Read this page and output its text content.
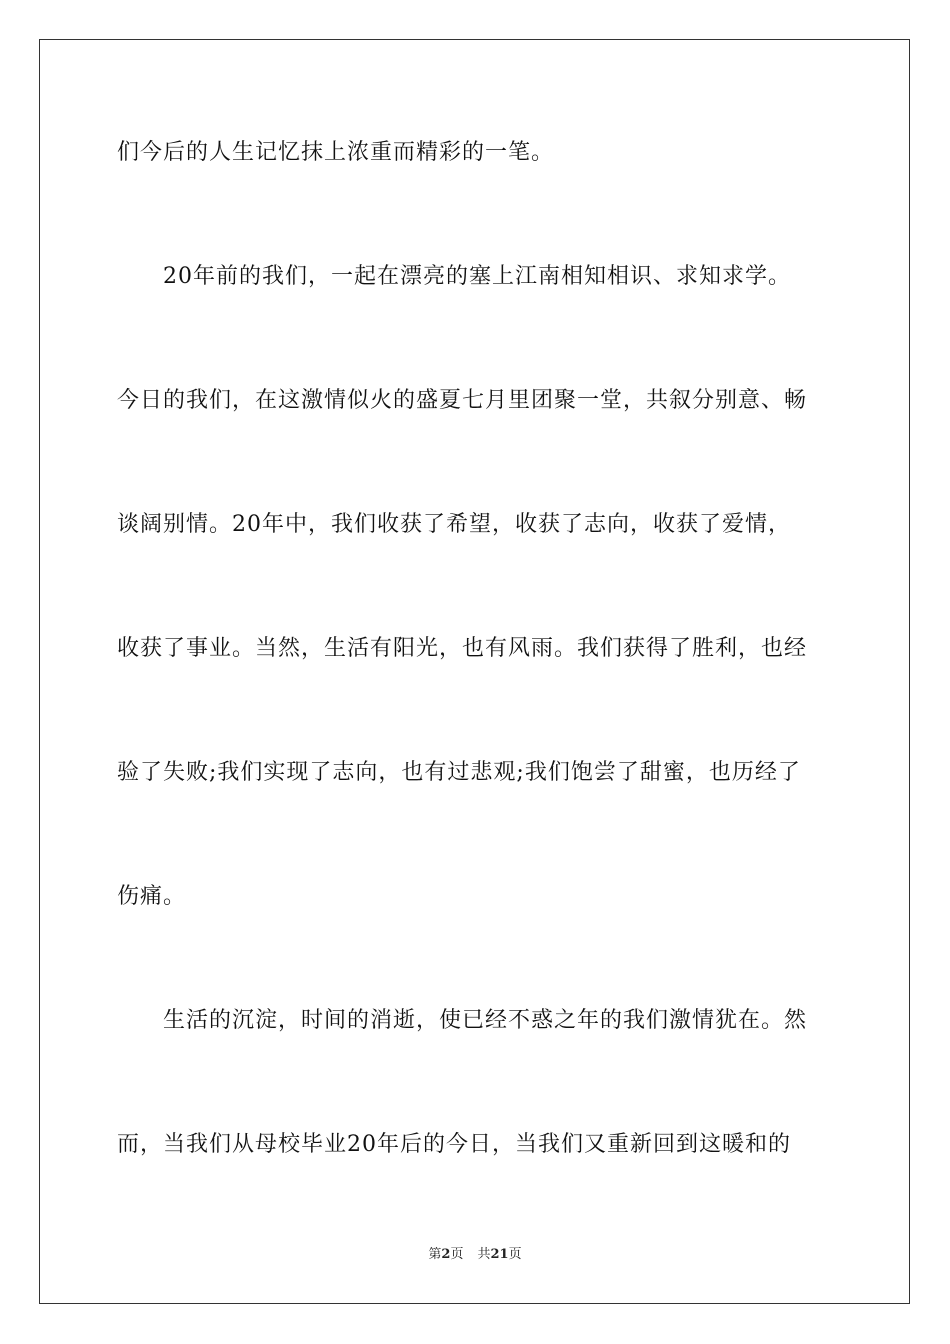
们今后的人生记忆抹上浓重而精彩的一笔。
　　20年前的我们，一起在漂亮的塞上江南相知相识、求知求学。
今日的我们，在这激情似火的盛夏七月里团聚一堂，共叙分别意、畅
谈阔别情。20年中，我们收获了希望，收获了志向，收获了爱情，
收获了事业。当然，生活有阳光，也有风雨。我们获得了胜利，也经
验了失败;我们实现了志向，也有过悲观;我们饱尝了甜蜜，也历经了
伤痛。
　　生活的沉淀，时间的消逝，使已经不惑之年的我们激情犹在。然
而，当我们从母校毕业20年后的今日，当我们又重新回到这暖和的
第2页 共21页
